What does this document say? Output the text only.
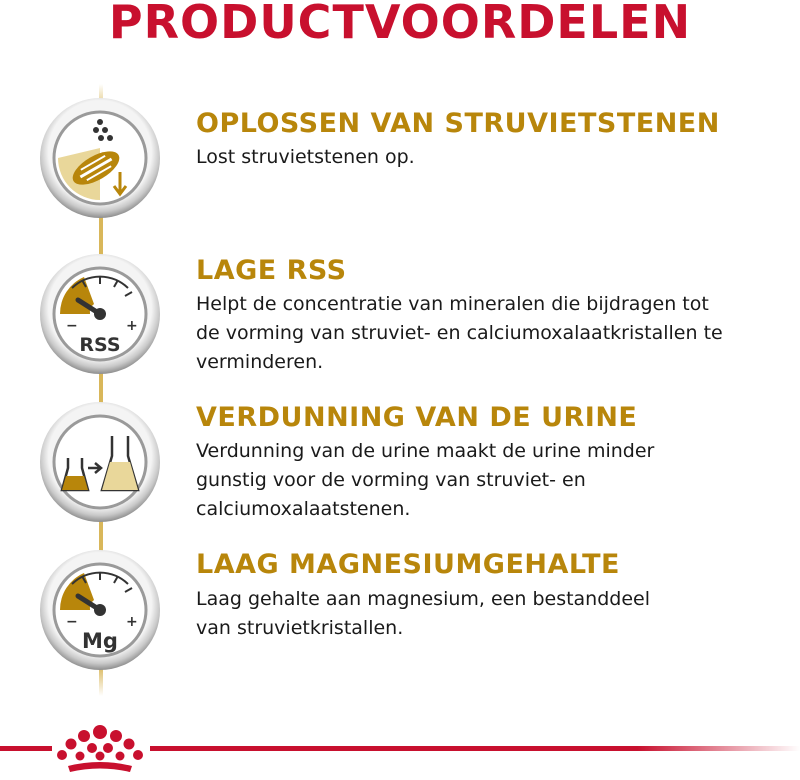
PRODUCTVOORDELEN
OPLOSSEN VAN STRUVIETSTENEN
Lost struvietstenen op.
−	+
RSS
LAGE RSS
Helpt de concentratie van mineralen die bijdragen tot
de vorming van struviet- en calciumoxalaatkristallen te
verminderen.
VERDUNNING VAN DE URINE
Verdunning van de urine maakt de urine minder
gunstig voor de vorming van struviet- en
calciumoxalaatstenen.
−	+
Mg
LAAG MAGNESIUMGEHALTE
Laag gehalte aan magnesium, een bestanddeel
van struvietkristallen.
